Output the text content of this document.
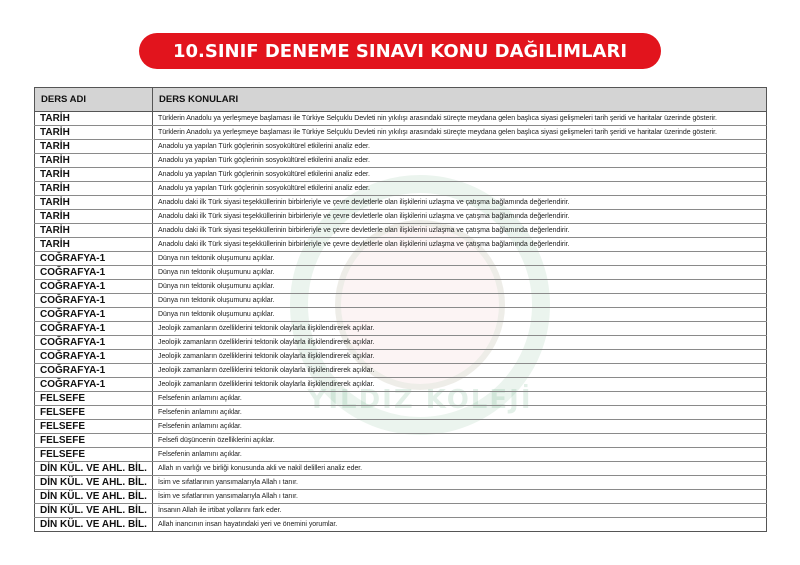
YILDIZ KOLEJİ
10.SINIF DENEME SINAVI KONU DAĞILIMLARI
DERS ADI	DERS KONULARI
TARİH	Türklerin Anadolu ya yerleşmeye başlaması ile Türkiye Selçuklu Devleti nin yıkılışı arasındaki süreçte meydana gelen başlıca siyasi gelişmeleri tarih şeridi ve haritalar üzerinde gösterir.
TARİH	Türklerin Anadolu ya yerleşmeye başlaması ile Türkiye Selçuklu Devleti nin yıkılışı arasındaki süreçte meydana gelen başlıca siyasi gelişmeleri tarih şeridi ve haritalar üzerinde gösterir.
TARİH	Anadolu ya yapılan Türk göçlerinin sosyokültürel etkilerini analiz eder.
TARİH	Anadolu ya yapılan Türk göçlerinin sosyokültürel etkilerini analiz eder.
TARİH	Anadolu ya yapılan Türk göçlerinin sosyokültürel etkilerini analiz eder.
TARİH	Anadolu ya yapılan Türk göçlerinin sosyokültürel etkilerini analiz eder.
TARİH	Anadolu daki ilk Türk siyasi teşekküllerinin birbirleriyle ve çevre devletlerle olan ilişkilerini uzlaşma ve çatışma bağlamında değerlendirir.
TARİH	Anadolu daki ilk Türk siyasi teşekküllerinin birbirleriyle ve çevre devletlerle olan ilişkilerini uzlaşma ve çatışma bağlamında değerlendirir.
TARİH	Anadolu daki ilk Türk siyasi teşekküllerinin birbirleriyle ve çevre devletlerle olan ilişkilerini uzlaşma ve çatışma bağlamında değerlendirir.
TARİH	Anadolu daki ilk Türk siyasi teşekküllerinin birbirleriyle ve çevre devletlerle olan ilişkilerini uzlaşma ve çatışma bağlamında değerlendirir.
COĞRAFYA-1	Dünya nın tektonik oluşumunu açıklar.
COĞRAFYA-1	Dünya nın tektonik oluşumunu açıklar.
COĞRAFYA-1	Dünya nın tektonik oluşumunu açıklar.
COĞRAFYA-1	Dünya nın tektonik oluşumunu açıklar.
COĞRAFYA-1	Dünya nın tektonik oluşumunu açıklar.
COĞRAFYA-1	Jeolojik zamanların özelliklerini tektonik olaylarla ilişkilendirerek açıklar.
COĞRAFYA-1	Jeolojik zamanların özelliklerini tektonik olaylarla ilişkilendirerek açıklar.
COĞRAFYA-1	Jeolojik zamanların özelliklerini tektonik olaylarla ilişkilendirerek açıklar.
COĞRAFYA-1	Jeolojik zamanların özelliklerini tektonik olaylarla ilişkilendirerek açıklar.
COĞRAFYA-1	Jeolojik zamanların özelliklerini tektonik olaylarla ilişkilendirerek açıklar.
FELSEFE	Felsefenin anlamını açıklar.
FELSEFE	Felsefenin anlamını açıklar.
FELSEFE	Felsefenin anlamını açıklar.
FELSEFE	Felsefi düşüncenin özelliklerini açıklar.
FELSEFE	Felsefenin anlamını açıklar.
DİN KÜL. VE AHL. BİL.	Allah ın varlığı ve birliği konusunda akli ve nakil delilleri analiz eder.
DİN KÜL. VE AHL. BİL.	İsim ve sıfatlarının yansımalarıyla Allah ı tanır.
DİN KÜL. VE AHL. BİL.	İsim ve sıfatlarının yansımalarıyla Allah ı tanır.
DİN KÜL. VE AHL. BİL.	İnsanın Allah ile irtibat yollarını fark eder.
DİN KÜL. VE AHL. BİL.	Allah inancının insan hayatındaki yeri ve önemini yorumlar.
